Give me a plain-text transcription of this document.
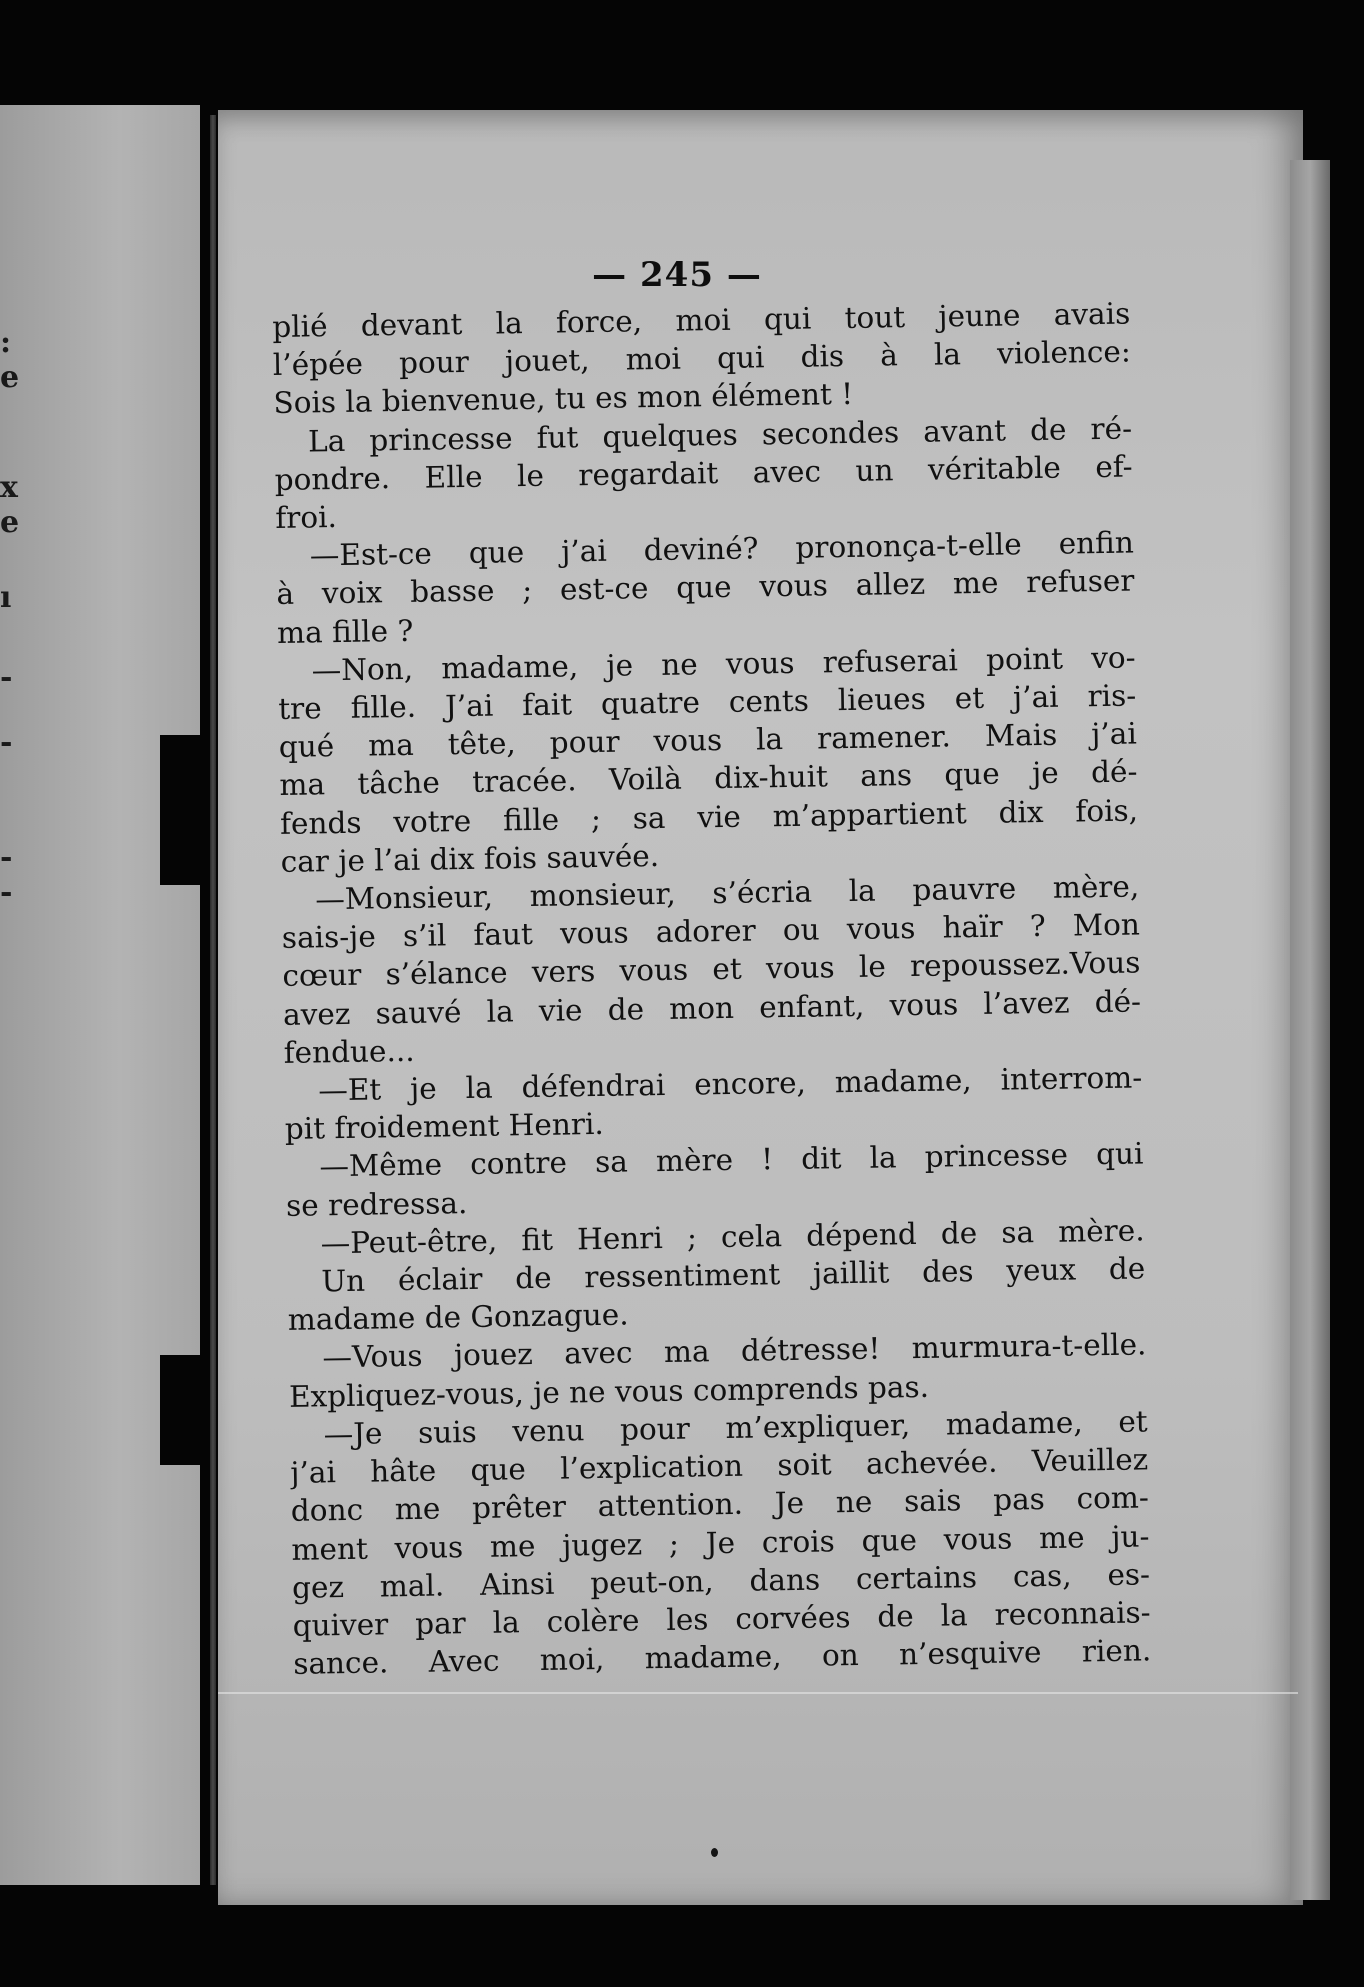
:
e
x
e
ı
-
-
-
-
— 245 —
plié devant la force, moi qui tout jeune avais
l’épée pour jouet, moi qui dis à la violence:
Sois la bienvenue, tu es mon élément !
La princesse fut quelques secondes avant de ré-
pondre. Elle le regardait avec un véritable ef-
froi.
—Est-ce que j’ai deviné? prononça-t-elle enfin
à voix basse ; est-ce que vous allez me refuser
ma fille ?
—Non, madame, je ne vous refuserai point vo-
tre fille. J’ai fait quatre cents lieues et j’ai ris-
qué ma tête, pour vous la ramener. Mais j’ai
ma tâche tracée. Voilà dix-huit ans que je dé-
fends votre fille ; sa vie m’appartient dix fois,
car je l’ai dix fois sauvée.
—Monsieur, monsieur, s’écria la pauvre mère,
sais-je s’il faut vous adorer ou vous haïr ? Mon
cœur s’élance vers vous et vous le repoussez.Vous
avez sauvé la vie de mon enfant, vous l’avez dé-
fendue...
—Et je la défendrai encore, madame, interrom-
pit froidement Henri.
—Même contre sa mère ! dit la princesse qui
se redressa.
—Peut-être, fit Henri ; cela dépend de sa mère.
Un éclair de ressentiment jaillit des yeux de
madame de Gonzague.
—Vous jouez avec ma détresse! murmura-t-elle.
Expliquez-vous, je ne vous comprends pas.
—Je suis venu pour m’expliquer, madame, et
j’ai hâte que l’explication soit achevée. Veuillez
donc me prêter attention. Je ne sais pas com-
ment vous me jugez ; Je crois que vous me ju-
gez mal. Ainsi peut-on, dans certains cas, es-
quiver par la colère les corvées de la reconnais-
sance. Avec moi, madame, on n’esquive rien.
